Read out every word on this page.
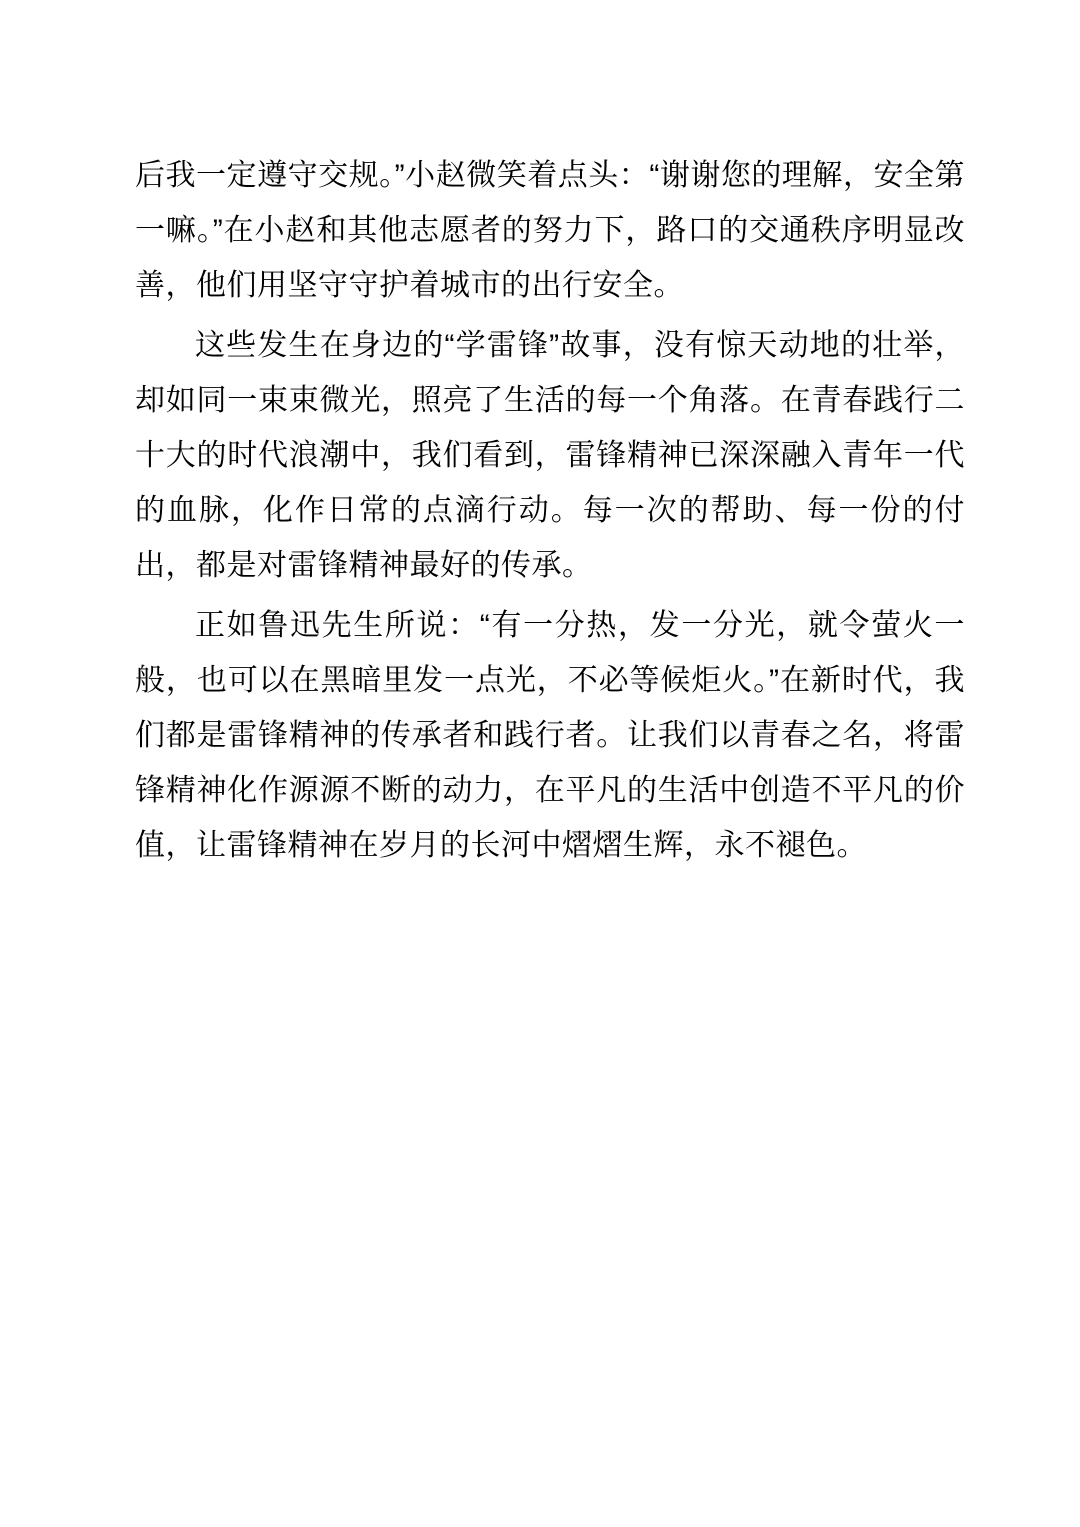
后我一定遵守交规。”小赵微笑着点头：“谢谢您的理解，安全第一嘛。”在小赵和其他志愿者的努力下，路口的交通秩序明显改善，他们用坚守守护着城市的出行安全。

这些发生在身边的“学雷锋”故事，没有惊天动地的壮举，却如同一束束微光，照亮了生活的每一个角落。在青春践行二十大的时代浪潮中，我们看到，雷锋精神已深深融入青年一代的血脉，化作日常的点滴行动。每一次的帮助、每一份的付出，都是对雷锋精神最好的传承。

正如鲁迅先生所说：“有一分热，发一分光，就令萤火一般，也可以在黑暗里发一点光，不必等候炬火。”在新时代，我们都是雷锋精神的传承者和践行者。让我们以青春之名，将雷锋精神化作源源不断的动力，在平凡的生活中创造不平凡的价值，让雷锋精神在岁月的长河中熠熠生辉，永不褪色。
